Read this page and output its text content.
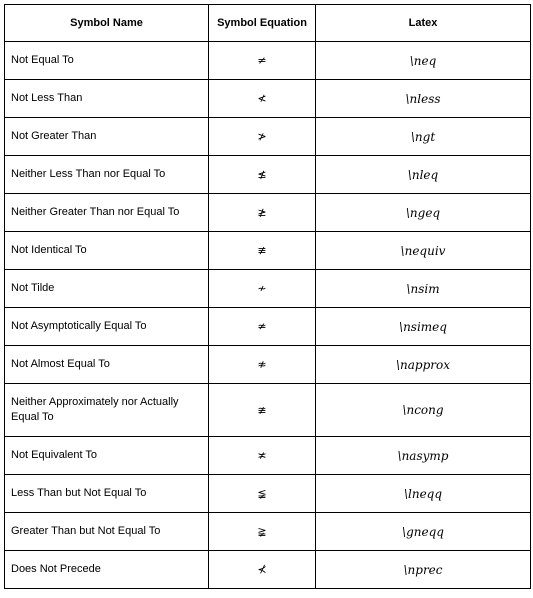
Symbol Name	Symbol Equation	Latex
Not Equal To	≠	\neq
Not Less Than	≮	\nless
Not Greater Than	≯	\ngt
Neither Less Than nor Equal To	≰	\nleq
Neither Greater Than nor Equal To	≱	\ngeq
Not Identical To	≢	\nequiv
Not Tilde	≁	\nsim
Not Asymptotically Equal To	≄	\nsimeq
Not Almost Equal To	≉	\napprox
Neither Approximately nor Actually Equal To	≇	\ncong
Not Equivalent To	≭	\nasymp
Less Than but Not Equal To	≨	\lneqq
Greater Than but Not Equal To	≩	\gneqq
Does Not Precede	⊀	\nprec
